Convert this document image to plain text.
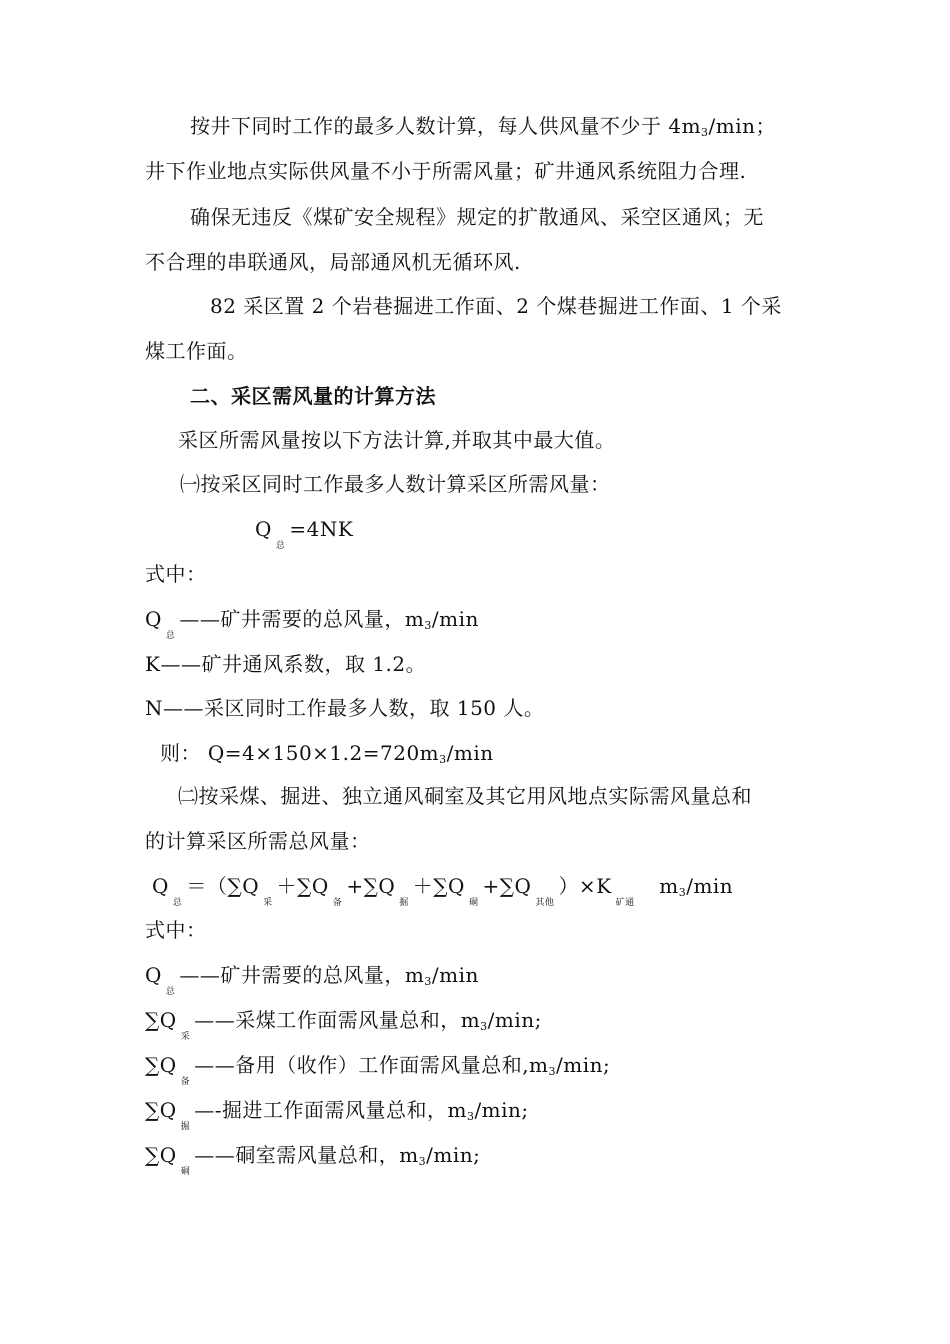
按井下同时工作的最多人数计算，每人供风量不少于 4m3/min；
井下作业地点实际供风量不小于所需风量；矿井通风系统阻力合理.
确保无违反《煤矿安全规程》规定的扩散通风、采空区通风；无
不合理的串联通风，局部通风机无循环风.
82 采区置 2 个岩巷掘进工作面、2 个煤巷掘进工作面、1 个采
煤工作面。
二、采区需风量的计算方法
采区所需风量按以下方法计算,并取其中最大值。
㈠按采区同时工作最多人数计算采区所需风量：
$Q_总=4NK$
式中：
$Q_总——$矿井需要的总风量，m3/min
K——矿井通风系数，取 1.2。
N——采区同时工作最多人数，取 150 人。
则： Q=4×150×1.2=720m3/min
㈡按采煤、掘进、独立通风硐室及其它用风地点实际需风量总和
的计算采区所需总风量：
$Q_总=(\sum Q_采+\sum Q_备+\sum Q_掘+\sum Q_硐+\sum Q_{其他})\times K_{矿通}$   m3/min
式中：
$Q_总——$矿井需要的总风量，m3/min
$\sum Q_采——$采煤工作面需风量总和，m3/min;
$\sum Q_备——$备用（收作）工作面需风量总和,m3/min;
$\sum Q_掘—-$掘进工作面需风量总和，m3/min;
$\sum Q_硐——$硐室需风量总和，m3/min;
